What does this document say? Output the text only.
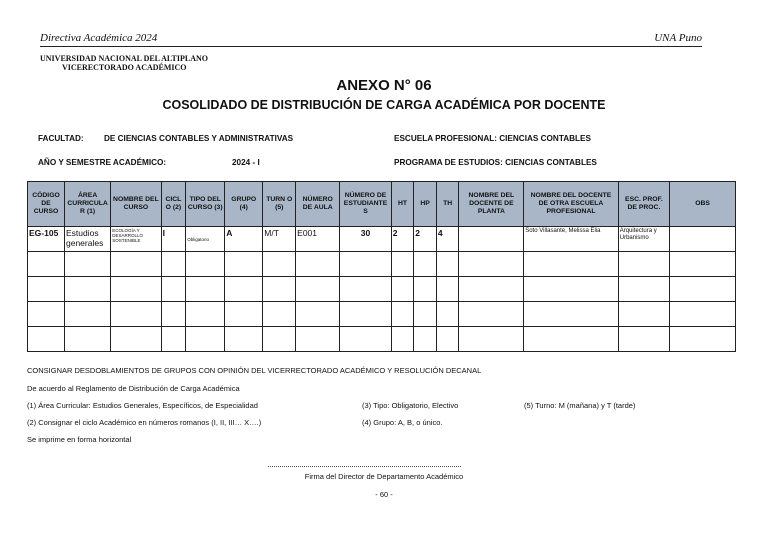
Directiva Académica 2024	UNA Puno
UNIVERSIDAD NACIONAL DEL ALTIPLANO
VICERECTORADO ACADÉMICO
ANEXO N° 06
COSOLIDADO DE DISTRIBUCIÓN DE CARGA ACADÉMICA POR DOCENTE
FACULTAD: DE CIENCIAS CONTABLES Y ADMINISTRATIVAS	ESCUELA PROFESIONAL: CIENCIAS CONTABLES
AÑO Y SEMESTRE ACADÉMICO:	2024 - I	PROGRAMA DE ESTUDIOS: CIENCIAS CONTABLES
CÓDIGO DE CURSO	ÁREA CURRICULA R (1)	NOMBRE DEL CURSO	CICL O (2)	TIPO DEL CURSO (3)	GRUPO (4)	TURN O (5)	NÚMERO DE AULA	NÚMERO DE ESTUDIANTE S	HT	HP	TH	NOMBRE DEL DOCENTE DE PLANTA	NOMBRE DEL DOCENTE DE OTRA ESCUELA PROFESIONAL	ESC. PROF. DE PROC.	OBS
EG-105	Estudios generales	ECOLOGÍA Y DESARROLLO SOSTENIBLE	I	Obligatorio	A	M/T	E001	30	2	2	4		Soto Villasante, Melissa Elia	Arquitectura y Urbanismo	

CONSIGNAR DESDOBLAMIENTOS DE GRUPOS CON OPINIÓN DEL VICERRECTORADO ACADÉMICO Y RESOLUCIÓN DECANAL
De acuerdo al Reglamento de Distribución de Carga Académica
(1) Área Curricular: Estudios Generales, Específicos, de Especialidad	(3) Tipo: Obligatorio, Electivo	(5) Turno: M (mañana) y T (tarde)
(2) Consignar el ciclo Académico en números romanos (I, II, III… X….)	(4) Grupo: A, B, o único.
Se imprime en forma horizontal
Firma del Director de Departamento Académico
- 60 -
